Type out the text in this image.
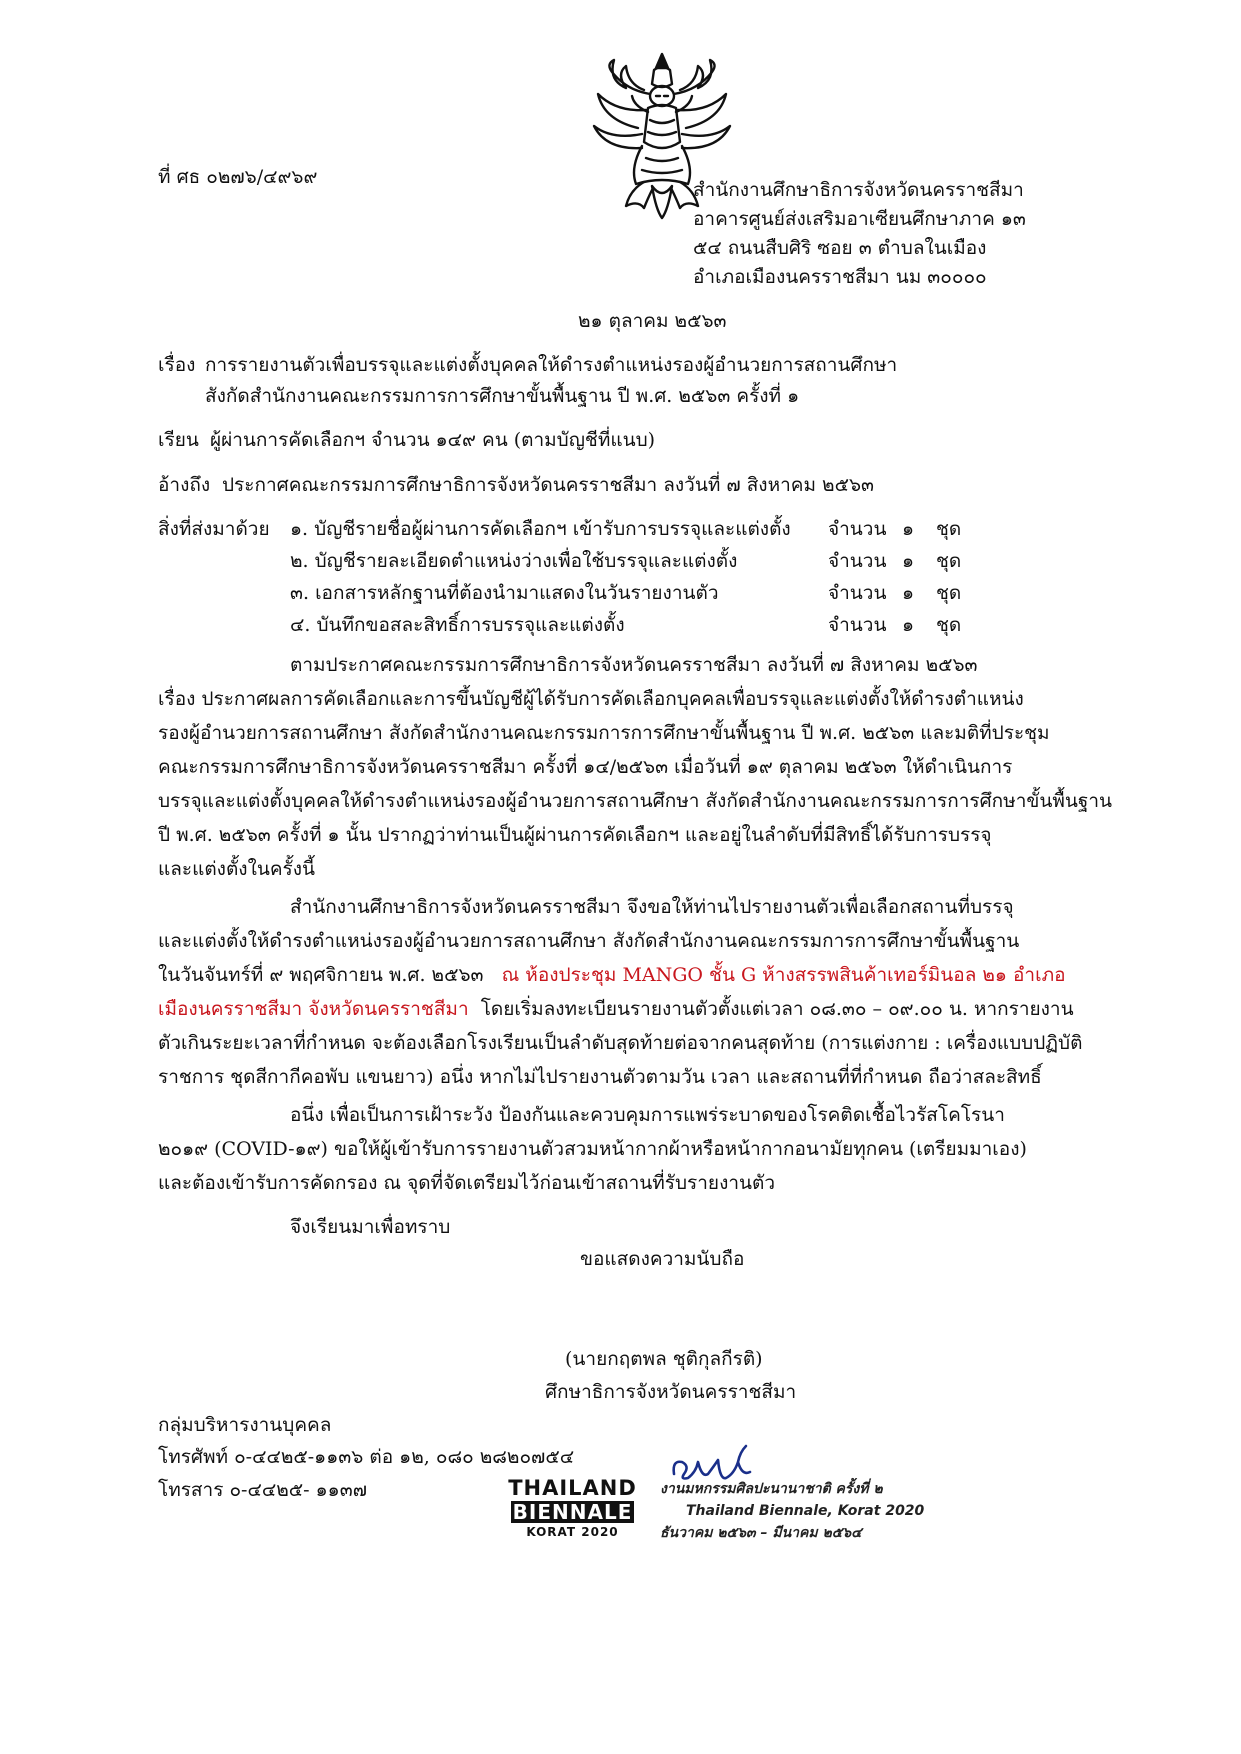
ที่ ศธ ๐๒๗๖/๔๙๖๙
สำนักงานศึกษาธิการจังหวัดนครราชสีมา
อาคารศูนย์ส่งเสริมอาเซียนศึกษาภาค ๑๓
๕๔ ถนนสืบศิริ ซอย ๓ ตำบลในเมือง
อำเภอเมืองนครราชสีมา นม ๓๐๐๐๐
๒๑ ตุลาคม ๒๕๖๓
เรื่อง การรายงานตัวเพื่อบรรจุและแต่งตั้งบุคคลให้ดำรงตำแหน่งรองผู้อำนวยการสถานศึกษา
สังกัดสำนักงานคณะกรรมการการศึกษาขั้นพื้นฐาน ปี พ.ศ. ๒๕๖๓ ครั้งที่ ๑
เรียน ผู้ผ่านการคัดเลือกฯ จำนวน ๑๔๙ คน (ตามบัญชีที่แนบ)
อ้างถึง ประกาศคณะกรรมการศึกษาธิการจังหวัดนครราชสีมา ลงวันที่ ๗ สิงหาคม ๒๕๖๓
สิ่งที่ส่งมาด้วย ๑. บัญชีรายชื่อผู้ผ่านการคัดเลือกฯ เข้ารับการบรรจุและแต่งตั้ง จำนวน ๑ ชุด
๒. บัญชีรายละเอียดตำแหน่งว่างเพื่อใช้บรรจุและแต่งตั้ง	จำนวน ๑ ชุด
๓. เอกสารหลักฐานที่ต้องนำมาแสดงในวันรายงานตัว	จำนวน ๑ ชุด
๔. บันทึกขอสละสิทธิ์การบรรจุและแต่งตั้ง	จำนวน ๑ ชุด
ตามประกาศคณะกรรมการศึกษาธิการจังหวัดนครราชสีมา ลงวันที่ ๗ สิงหาคม ๒๕๖๓
เรื่อง ประกาศผลการคัดเลือกและการขึ้นบัญชีผู้ได้รับการคัดเลือกบุคคลเพื่อบรรจุและแต่งตั้งให้ดำรงตำแหน่ง
รองผู้อำนวยการสถานศึกษา สังกัดสำนักงานคณะกรรมการการศึกษาขั้นพื้นฐาน ปี พ.ศ. ๒๕๖๓ และมติที่ประชุม
คณะกรรมการศึกษาธิการจังหวัดนครราชสีมา ครั้งที่ ๑๔/๒๕๖๓ เมื่อวันที่ ๑๙ ตุลาคม ๒๕๖๓ ให้ดำเนินการ
บรรจุและแต่งตั้งบุคคลให้ดำรงตำแหน่งรองผู้อำนวยการสถานศึกษา สังกัดสำนักงานคณะกรรมการการศึกษาขั้นพื้นฐาน
ปี พ.ศ. ๒๕๖๓ ครั้งที่ ๑ นั้น ปรากฏว่าท่านเป็นผู้ผ่านการคัดเลือกฯ และอยู่ในลำดับที่มีสิทธิ์ได้รับการบรรจุ
และแต่งตั้งในครั้งนี้
สำนักงานศึกษาธิการจังหวัดนครราชสีมา จึงขอให้ท่านไปรายงานตัวเพื่อเลือกสถานที่บรรจุ
และแต่งตั้งให้ดำรงตำแหน่งรองผู้อำนวยการสถานศึกษา สังกัดสำนักงานคณะกรรมการการศึกษาขั้นพื้นฐาน
ในวันจันทร์ที่ ๙ พฤศจิกายน พ.ศ. ๒๕๖๓ ณ ห้องประชุม MANGO ชั้น G ห้างสรรพสินค้าเทอร์มินอล ๒๑ อำเภอ
เมืองนครราชสีมา จังหวัดนครราชสีมา โดยเริ่มลงทะเบียนรายงานตัวตั้งแต่เวลา ๐๘.๓๐ – ๐๙.๐๐ น. หากรายงาน
ตัวเกินระยะเวลาที่กำหนด จะต้องเลือกโรงเรียนเป็นลำดับสุดท้ายต่อจากคนสุดท้าย (การแต่งกาย : เครื่องแบบปฏิบัติ
ราชการ ชุดสีกากีคอพับ แขนยาว) อนึ่ง หากไม่ไปรายงานตัวตามวัน เวลา และสถานที่ที่กำหนด ถือว่าสละสิทธิ์
อนึ่ง เพื่อเป็นการเฝ้าระวัง ป้องกันและควบคุมการแพร่ระบาดของโรคติดเชื้อไวรัสโคโรนา
๒๐๑๙ (COVID-๑๙) ขอให้ผู้เข้ารับการรายงานตัวสวมหน้ากากผ้าหรือหน้ากากอนามัยทุกคน (เตรียมมาเอง)
และต้องเข้ารับการคัดกรอง ณ จุดที่จัดเตรียมไว้ก่อนเข้าสถานที่รับรายงานตัว
จึงเรียนมาเพื่อทราบ
ขอแสดงความนับถือ
(นายกฤตพล ชุติกุลกีรติ)
ศึกษาธิการจังหวัดนครราชสีมา
กลุ่มบริหารงานบุคคล
โทรศัพท์ ๐-๔๔๒๕-๑๑๓๖ ต่อ ๑๒, ๐๘๐ ๒๘๒๐๗๕๔
โทรสาร ๐-๔๔๒๕- ๑๑๓๗	THAILAND
BIENNALE
KORAT 2020
งานมหกรรมศิลปะนานาชาติ ครั้งที่ ๒
Thailand Biennale, Korat 2020
ธันวาคม ๒๕๖๓ – มีนาคม ๒๕๖๔
